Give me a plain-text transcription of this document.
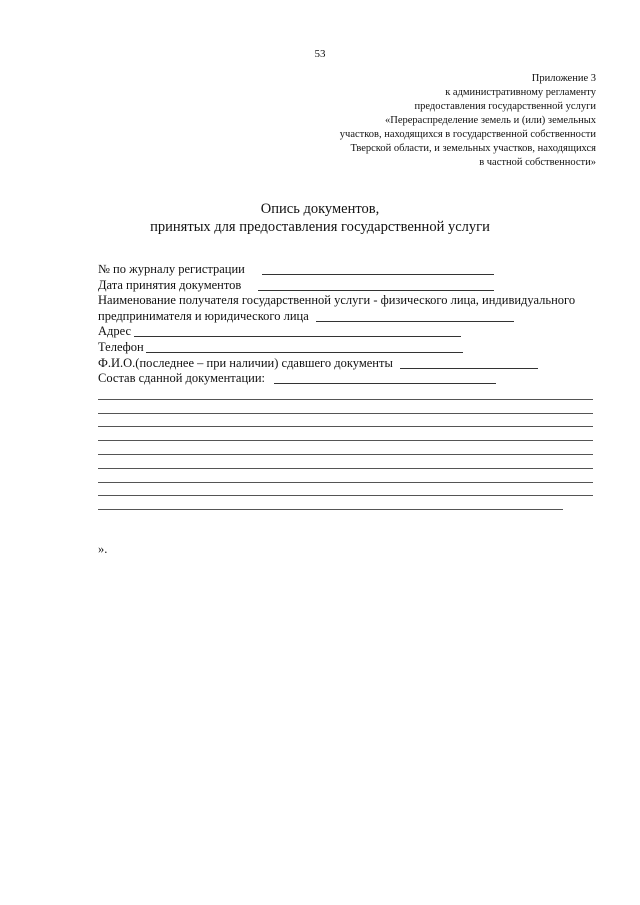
53
Приложение 3
к административному регламенту
предоставления государственной услуги
«Перераспределение земель и (или) земельных
участков, находящихся в государственной собственности
Тверской области, и земельных участков, находящихся
в частной собственности»
Опись документов,
принятых для предоставления государственной услуги
№ по журналу регистрации
Дата принятия документов
Наименование получателя государственной услуги - физического лица, индивидуального
предпринимателя и юридического лица
Адрес
Телефон
Ф.И.О.(последнее – при наличии) сдавшего документы
Состав сданной документации:
».
